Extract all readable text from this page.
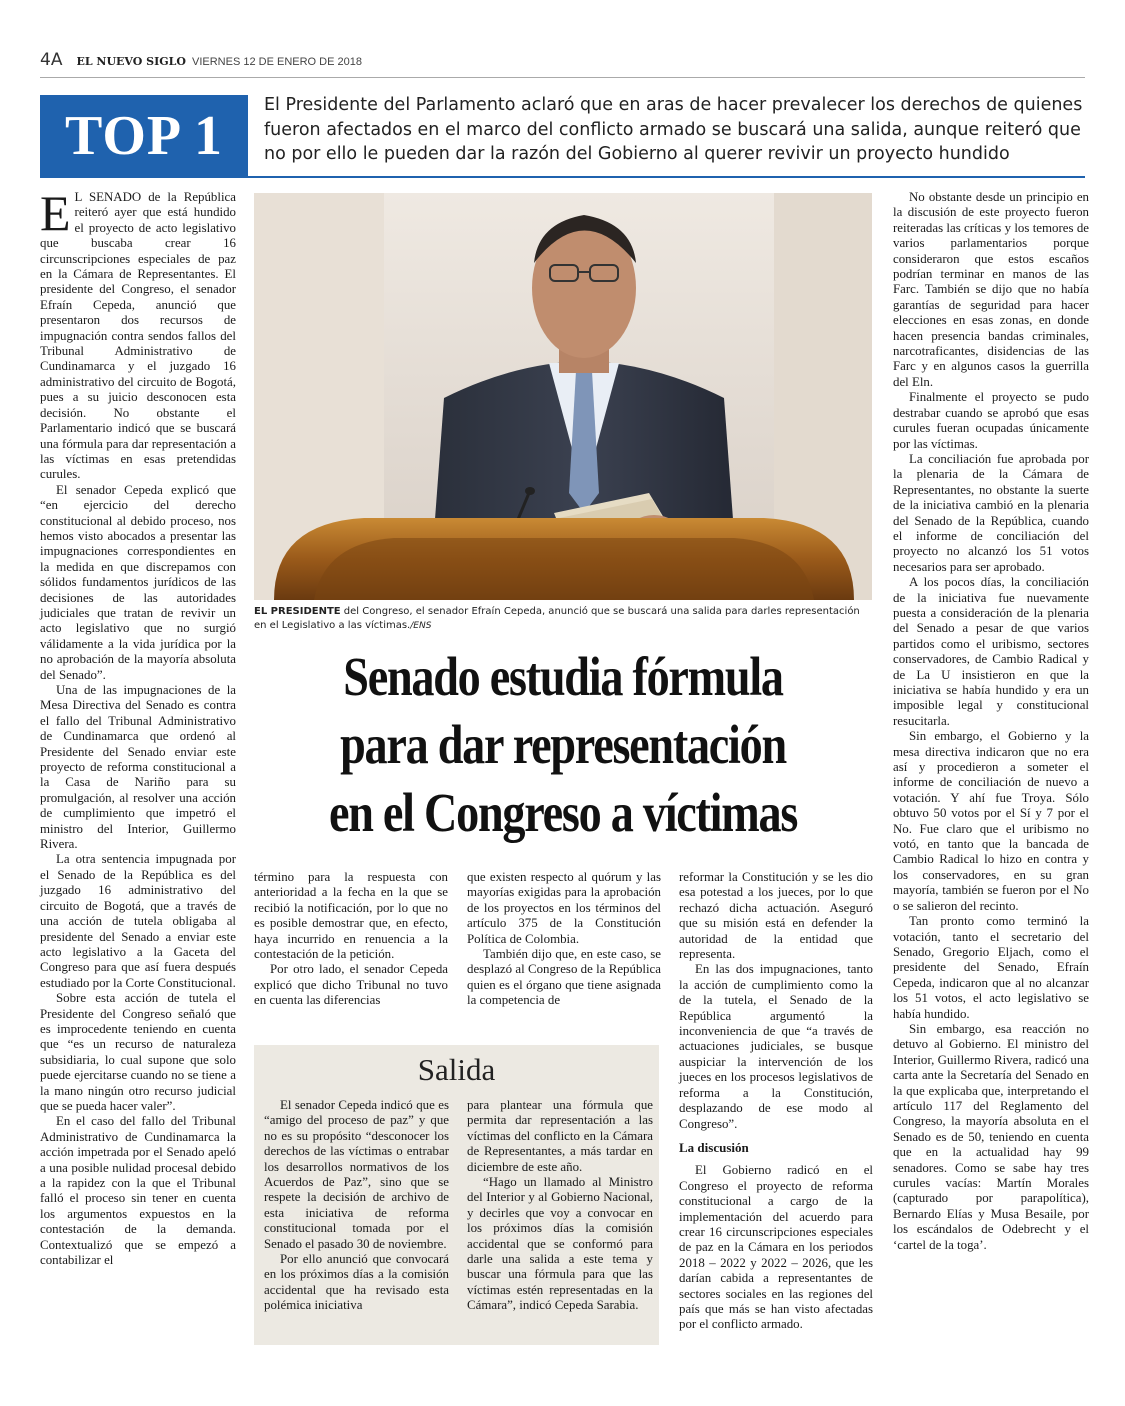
4A EL NUEVO SIGLO VIERNES 12 DE ENERO DE 2018
TOP 1 El Presidente del Parlamento aclaró que en aras de hacer prevalecer los derechos de quienes fueron afectados en el marco del conflicto armado se buscará una salida, aunque reiteró que no por ello le pueden dar la razón del Gobierno al querer revivir un proyecto hundido

E L SENADO de la República reiteró ayer que está hundido el proyecto de acto legislativo que buscaba crear 16 circunscripciones especiales de paz en la Cámara de Representantes. El presidente del Congreso, el senador Efraín Cepeda, anunció que presentaron dos recursos de impugnación contra sendos fallos del Tribunal Administrativo de Cundinamarca y el juzgado 16 administrativo del circuito de Bogotá, pues a su juicio desconocen esta decisión. No obstante el Parlamentario indicó que se buscará una fórmula para dar representación a las víctimas en esas pretendidas curules.

El senador Cepeda explicó que “en ejercicio del derecho constitucional al debido proceso, nos hemos visto abocados a presentar las impugnaciones correspondientes en la medida en que discrepamos con sólidos fundamentos jurídicos de las decisiones de las autoridades judiciales que tratan de revivir un acto legislativo que no surgió válidamente a la vida jurídica por la no aprobación de la mayoría absoluta del Senado”.

Una de las impugnaciones de la Mesa Directiva del Senado es contra el fallo del Tribunal Administrativo de Cundinamarca que ordenó al Presidente del Senado enviar este proyecto de reforma constitucional a la Casa de Nariño para su promulgación, al resolver una acción de cumplimiento que impetró el ministro del Interior, Guillermo Rivera.

La otra sentencia impugnada por el Senado de la República es del juzgado 16 administrativo del circuito de Bogotá, que a través de una acción de tutela obligaba al presidente del Senado a enviar este acto legislativo a la Gaceta del Congreso para que así fuera después estudiado por la Corte Constitucional.

Sobre esta acción de tutela el Presidente del Congreso señaló que es improcedente teniendo en cuenta que “es un recurso de naturaleza subsidiaria, lo cual supone que solo puede ejercitarse cuando no se tiene a la mano ningún otro recurso judicial que se pueda hacer valer”.

En el caso del fallo del Tribunal Administrativo de Cundinamarca la acción impetrada por el Senado apeló a una posible nulidad procesal debido a la rapidez con la que el Tribunal falló el proceso sin tener en cuenta los argumentos expuestos en la contestación de la demanda. Contextualizó que se empezó a contabilizar el

EL PRESIDENTE del Congreso, el senador Efraín Cepeda, anunció que se buscará una salida para darles representación en el Legislativo a las víctimas./ENS
Senado estudia fórmula
para dar representación
en el Congreso a víctimas

término para la respuesta con anterioridad a la fecha en la que se recibió la notificación, por lo que no es posible demostrar que, en efecto, haya incurrido en renuencia a la contestación de la petición.

Por otro lado, el senador Cepeda explicó que dicho Tribunal no tuvo en cuenta las diferencias

que existen respecto al quórum y las mayorías exigidas para la aprobación de los proyectos en los términos del artículo 375 de la Constitución Política de Colombia.

También dijo que, en este caso, se desplazó al Congreso de la República quien es el órgano que tiene asignada la competencia de

reformar la Constitución y se les dio esa potestad a los jueces, por lo que rechazó dicha actuación. Aseguró que su misión está en defender la autoridad de la entidad que representa.

En las dos impugnaciones, tanto la acción de cumplimiento como la de la tutela, el Senado de la República argumentó la inconveniencia de que “a través de actuaciones judiciales, se busque auspiciar la intervención de los jueces en los procesos legislativos de reforma a la Constitución, desplazando de ese modo al Congreso”.

La discusión

El Gobierno radicó en el Congreso el proyecto de reforma constitucional a cargo de la implementación del acuerdo para crear 16 circunscripciones especiales de paz en la Cámara en los periodos 2018 – 2022 y 2022 – 2026, que les darían cabida a representantes de sectores sociales en las regiones del país que más se han visto afectadas por el conflicto armado.

Salida

El senador Cepeda indicó que es “amigo del proceso de paz” y que no es su propósito “desconocer los derechos de las víctimas o entrabar los desarrollos normativos de los Acuerdos de Paz”, sino que se respete la decisión de archivo de esta iniciativa de reforma constitucional tomada por el Senado el pasado 30 de noviembre.

Por ello anunció que convocará en los próximos días a la comisión accidental que ha revisado esta polémica iniciativa

para plantear una fórmula que permita dar representación a las víctimas del conflicto en la Cámara de Representantes, a más tardar en diciembre de este año.

“Hago un llamado al Ministro del Interior y al Gobierno Nacional, y decirles que voy a convocar en los próximos días la comisión accidental que se conformó para darle una salida a este tema y buscar una fórmula para que las víctimas estén representadas en la Cámara”, indicó Cepeda Sarabia.

No obstante desde un principio en la discusión de este proyecto fueron reiteradas las críticas y los temores de varios parlamentarios porque consideraron que estos escaños podrían terminar en manos de las Farc. También se dijo que no había garantías de seguridad para hacer elecciones en esas zonas, en donde hacen presencia bandas criminales, narcotraficantes, disidencias de las Farc y en algunos casos la guerrilla del Eln.

Finalmente el proyecto se pudo destrabar cuando se aprobó que esas curules fueran ocupadas únicamente por las víctimas.

La conciliación fue aprobada por la plenaria de la Cámara de Representantes, no obstante la suerte de la iniciativa cambió en la plenaria del Senado de la República, cuando el informe de conciliación del proyecto no alcanzó los 51 votos necesarios para ser aprobado.

A los pocos días, la conciliación de la iniciativa fue nuevamente puesta a consideración de la plenaria del Senado a pesar de que varios partidos como el uribismo, sectores conservadores, de Cambio Radical y de La U insistieron en que la iniciativa se había hundido y era un imposible legal y constitucional resucitarla.

Sin embargo, el Gobierno y la mesa directiva indicaron que no era así y procedieron a someter el informe de conciliación de nuevo a votación. Y ahí fue Troya. Sólo obtuvo 50 votos por el Sí y 7 por el No. Fue claro que el uribismo no votó, en tanto que la bancada de Cambio Radical lo hizo en contra y los conservadores, en su gran mayoría, también se fueron por el No o se salieron del recinto.

Tan pronto como terminó la votación, tanto el secretario del Senado, Gregorio Eljach, como el presidente del Senado, Efraín Cepeda, indicaron que al no alcanzar los 51 votos, el acto legislativo se había hundido.

Sin embargo, esa reacción no detuvo al Gobierno. El ministro del Interior, Guillermo Rivera, radicó una carta ante la Secretaría del Senado en la que explicaba que, interpretando el artículo 117 del Reglamento del Congreso, la mayoría absoluta en el Senado es de 50, teniendo en cuenta que en la actualidad hay 99 senadores. Como se sabe hay tres curules vacías: Martín Morales (capturado por parapolítica), Bernardo Elías y Musa Besaile, por los escándalos de Odebrecht y el ‘cartel de la toga’.
